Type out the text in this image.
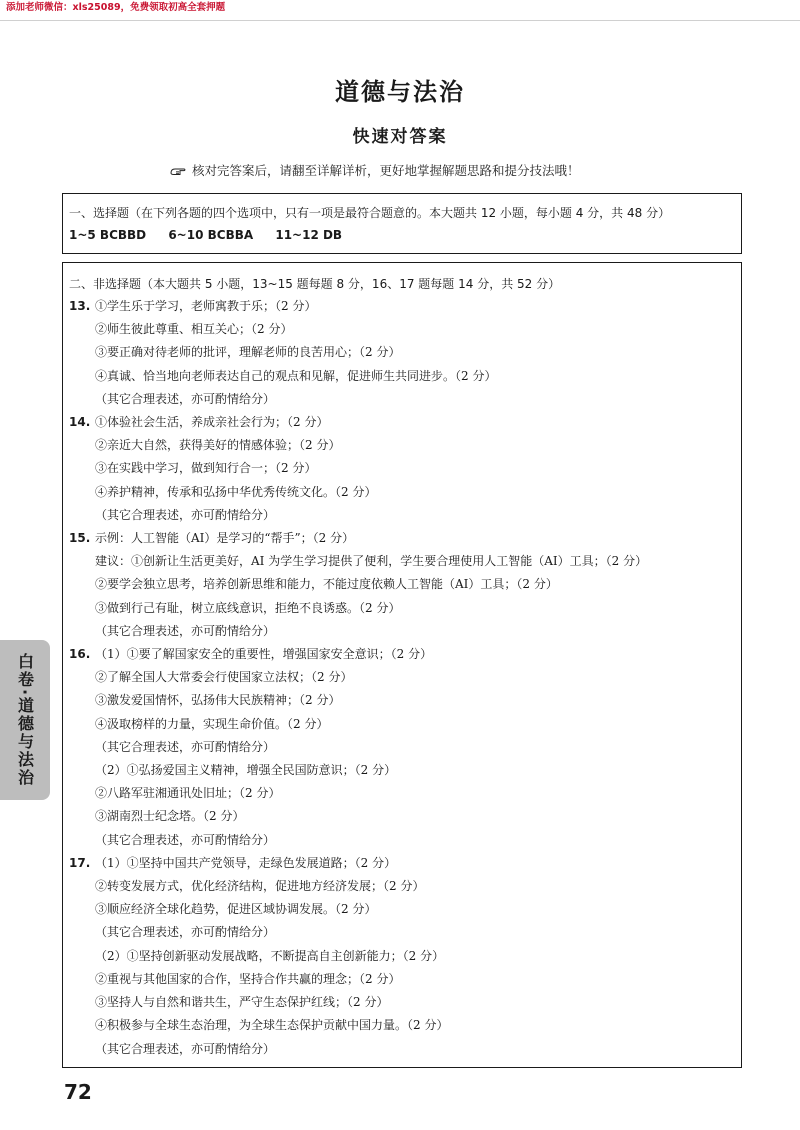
添加老师微信：xls25089，免费领取初高全套押题
道德与法治
快速对答案
核对完答案后，请翻至详解详析，更好地掌握解题思路和提分技法哦！
一、选择题（在下列各题的四个选项中，只有一项是最符合题意的。本大题共 12 小题，每小题 4 分，共 48 分）
1~5 BCBBD 6~10 BCBBA 11~12 DB
二、非选择题（本大题共 5 小题，13~15 题每题 8 分，16、17 题每题 14 分，共 52 分）
13. ①学生乐于学习，老师寓教于乐；（2 分）
②师生彼此尊重、相互关心；（2 分）
③要正确对待老师的批评，理解老师的良苦用心；（2 分）
④真诚、恰当地向老师表达自己的观点和见解，促进师生共同进步。（2 分）
（其它合理表述，亦可酌情给分）
14. ①体验社会生活，养成亲社会行为；（2 分）
②亲近大自然，获得美好的情感体验；（2 分）
③在实践中学习，做到知行合一；（2 分）
④养护精神，传承和弘扬中华优秀传统文化。（2 分）
（其它合理表述，亦可酌情给分）
15. 示例：人工智能（AI）是学习的“帮手”；（2 分）
建议：①创新让生活更美好，AI 为学生学习提供了便利，学生要合理使用人工智能（AI）工具；（2 分）
②要学会独立思考，培养创新思维和能力，不能过度依赖人工智能（AI）工具；（2 分）
③做到行己有耻，树立底线意识，拒绝不良诱惑。（2 分）
（其它合理表述，亦可酌情给分）
16. （1）①要了解国家安全的重要性，增强国家安全意识；（2 分）
②了解全国人大常委会行使国家立法权；（2 分）
③激发爱国情怀，弘扬伟大民族精神；（2 分）
④汲取榜样的力量，实现生命价值。（2 分）
（其它合理表述，亦可酌情给分）
（2）①弘扬爱国主义精神，增强全民国防意识；（2 分）
②八路军驻湘通讯处旧址；（2 分）
③湖南烈士纪念塔。（2 分）
（其它合理表述，亦可酌情给分）
17. （1）①坚持中国共产党领导，走绿色发展道路；（2 分）
②转变发展方式，优化经济结构，促进地方经济发展；（2 分）
③顺应经济全球化趋势，促进区域协调发展。（2 分）
（其它合理表述，亦可酌情给分）
（2）①坚持创新驱动发展战略，不断提高自主创新能力；（2 分）
②重视与其他国家的合作，坚持合作共赢的理念；（2 分）
③坚持人与自然和谐共生，严守生态保护红线；（2 分）
④积极参与全球生态治理，为全球生态保护贡献中国力量。（2 分）
（其它合理表述，亦可酌情给分）
白卷·道德与法治
72
